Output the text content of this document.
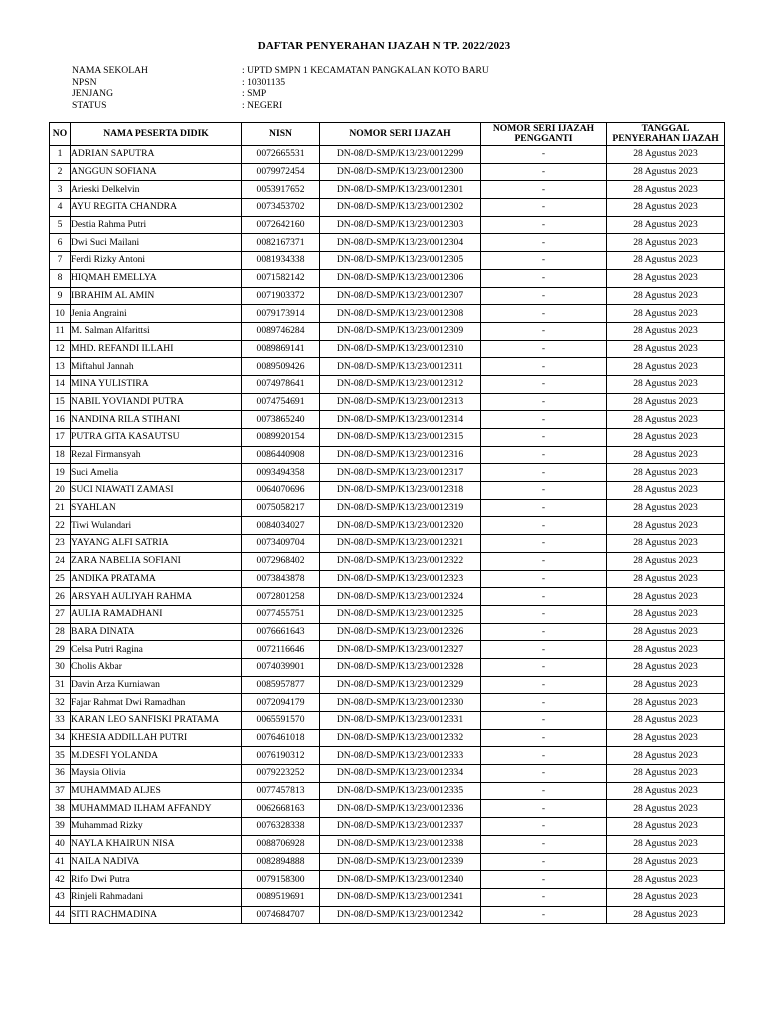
DAFTAR PENYERAHAN IJAZAH N TP. 2022/2023
NAMA SEKOLAH	: UPTD SMPN 1 KECAMATAN PANGKALAN KOTO BARU
NPSN	: 10301135
JENJANG	: SMP
STATUS	: NEGERI
NO	NAMA PESERTA DIDIK	NISN	NOMOR SERI IJAZAH	NOMOR SERI IJAZAH PENGGANTI	TANGGAL PENYERAHAN IJAZAH
1	ADRIAN SAPUTRA	0072665531	DN-08/D-SMP/K13/23/0012299	-	28 Agustus 2023
2	ANGGUN SOFIANA	0079972454	DN-08/D-SMP/K13/23/0012300	-	28 Agustus 2023
3	Arieski Delkelvin	0053917652	DN-08/D-SMP/K13/23/0012301	-	28 Agustus 2023
4	AYU REGITA CHANDRA	0073453702	DN-08/D-SMP/K13/23/0012302	-	28 Agustus 2023
5	Destia Rahma Putri	0072642160	DN-08/D-SMP/K13/23/0012303	-	28 Agustus 2023
6	Dwi Suci Mailani	0082167371	DN-08/D-SMP/K13/23/0012304	-	28 Agustus 2023
7	Ferdi Rizky Antoni	0081934338	DN-08/D-SMP/K13/23/0012305	-	28 Agustus 2023
8	HIQMAH EMELLYA	0071582142	DN-08/D-SMP/K13/23/0012306	-	28 Agustus 2023
9	IBRAHIM AL AMIN	0071903372	DN-08/D-SMP/K13/23/0012307	-	28 Agustus 2023
10	Jenia Angraini	0079173914	DN-08/D-SMP/K13/23/0012308	-	28 Agustus 2023
11	M. Salman Alfarittsi	0089746284	DN-08/D-SMP/K13/23/0012309	-	28 Agustus 2023
12	MHD. REFANDI ILLAHI	0089869141	DN-08/D-SMP/K13/23/0012310	-	28 Agustus 2023
13	Miftahul Jannah	0089509426	DN-08/D-SMP/K13/23/0012311	-	28 Agustus 2023
14	MINA YULISTIRA	0074978641	DN-08/D-SMP/K13/23/0012312	-	28 Agustus 2023
15	NABIL YOVIANDI PUTRA	0074754691	DN-08/D-SMP/K13/23/0012313	-	28 Agustus 2023
16	NANDINA RILA STIHANI	0073865240	DN-08/D-SMP/K13/23/0012314	-	28 Agustus 2023
17	PUTRA GITA KASAUTSU	0089920154	DN-08/D-SMP/K13/23/0012315	-	28 Agustus 2023
18	Rezal Firmansyah	0086440908	DN-08/D-SMP/K13/23/0012316	-	28 Agustus 2023
19	Suci Amelia	0093494358	DN-08/D-SMP/K13/23/0012317	-	28 Agustus 2023
20	SUCI NIAWATI ZAMASI	0064070696	DN-08/D-SMP/K13/23/0012318	-	28 Agustus 2023
21	SYAHLAN	0075058217	DN-08/D-SMP/K13/23/0012319	-	28 Agustus 2023
22	Tiwi Wulandari	0084034027	DN-08/D-SMP/K13/23/0012320	-	28 Agustus 2023
23	YAYANG ALFI SATRIA	0073409704	DN-08/D-SMP/K13/23/0012321	-	28 Agustus 2023
24	ZARA NABELIA SOFIANI	0072968402	DN-08/D-SMP/K13/23/0012322	-	28 Agustus 2023
25	ANDIKA PRATAMA	0073843878	DN-08/D-SMP/K13/23/0012323	-	28 Agustus 2023
26	ARSYAH AULIYAH RAHMA	0072801258	DN-08/D-SMP/K13/23/0012324	-	28 Agustus 2023
27	AULIA RAMADHANI	0077455751	DN-08/D-SMP/K13/23/0012325	-	28 Agustus 2023
28	BARA DINATA	0076661643	DN-08/D-SMP/K13/23/0012326	-	28 Agustus 2023
29	Celsa Putri Ragina	0072116646	DN-08/D-SMP/K13/23/0012327	-	28 Agustus 2023
30	Cholis Akbar	0074039901	DN-08/D-SMP/K13/23/0012328	-	28 Agustus 2023
31	Davin Arza Kurniawan	0085957877	DN-08/D-SMP/K13/23/0012329	-	28 Agustus 2023
32	Fajar Rahmat Dwi Ramadhan	0072094179	DN-08/D-SMP/K13/23/0012330	-	28 Agustus 2023
33	KARAN LEO SANFISKI PRATAMA	0065591570	DN-08/D-SMP/K13/23/0012331	-	28 Agustus 2023
34	KHESIA ADDILLAH PUTRI	0076461018	DN-08/D-SMP/K13/23/0012332	-	28 Agustus 2023
35	M.DESFI YOLANDA	0076190312	DN-08/D-SMP/K13/23/0012333	-	28 Agustus 2023
36	Maysia Olivia	0079223252	DN-08/D-SMP/K13/23/0012334	-	28 Agustus 2023
37	MUHAMMAD ALJES	0077457813	DN-08/D-SMP/K13/23/0012335	-	28 Agustus 2023
38	MUHAMMAD ILHAM AFFANDY	0062668163	DN-08/D-SMP/K13/23/0012336	-	28 Agustus 2023
39	Muhammad Rizky	0076328338	DN-08/D-SMP/K13/23/0012337	-	28 Agustus 2023
40	NAYLA KHAIRUN NISA	0088706928	DN-08/D-SMP/K13/23/0012338	-	28 Agustus 2023
41	NAILA NADIVA	0082894888	DN-08/D-SMP/K13/23/0012339	-	28 Agustus 2023
42	Rifo Dwi Putra	0079158300	DN-08/D-SMP/K13/23/0012340	-	28 Agustus 2023
43	Rinjeli Rahmadani	0089519691	DN-08/D-SMP/K13/23/0012341	-	28 Agustus 2023
44	SITI RACHMADINA	0074684707	DN-08/D-SMP/K13/23/0012342	-	28 Agustus 2023
